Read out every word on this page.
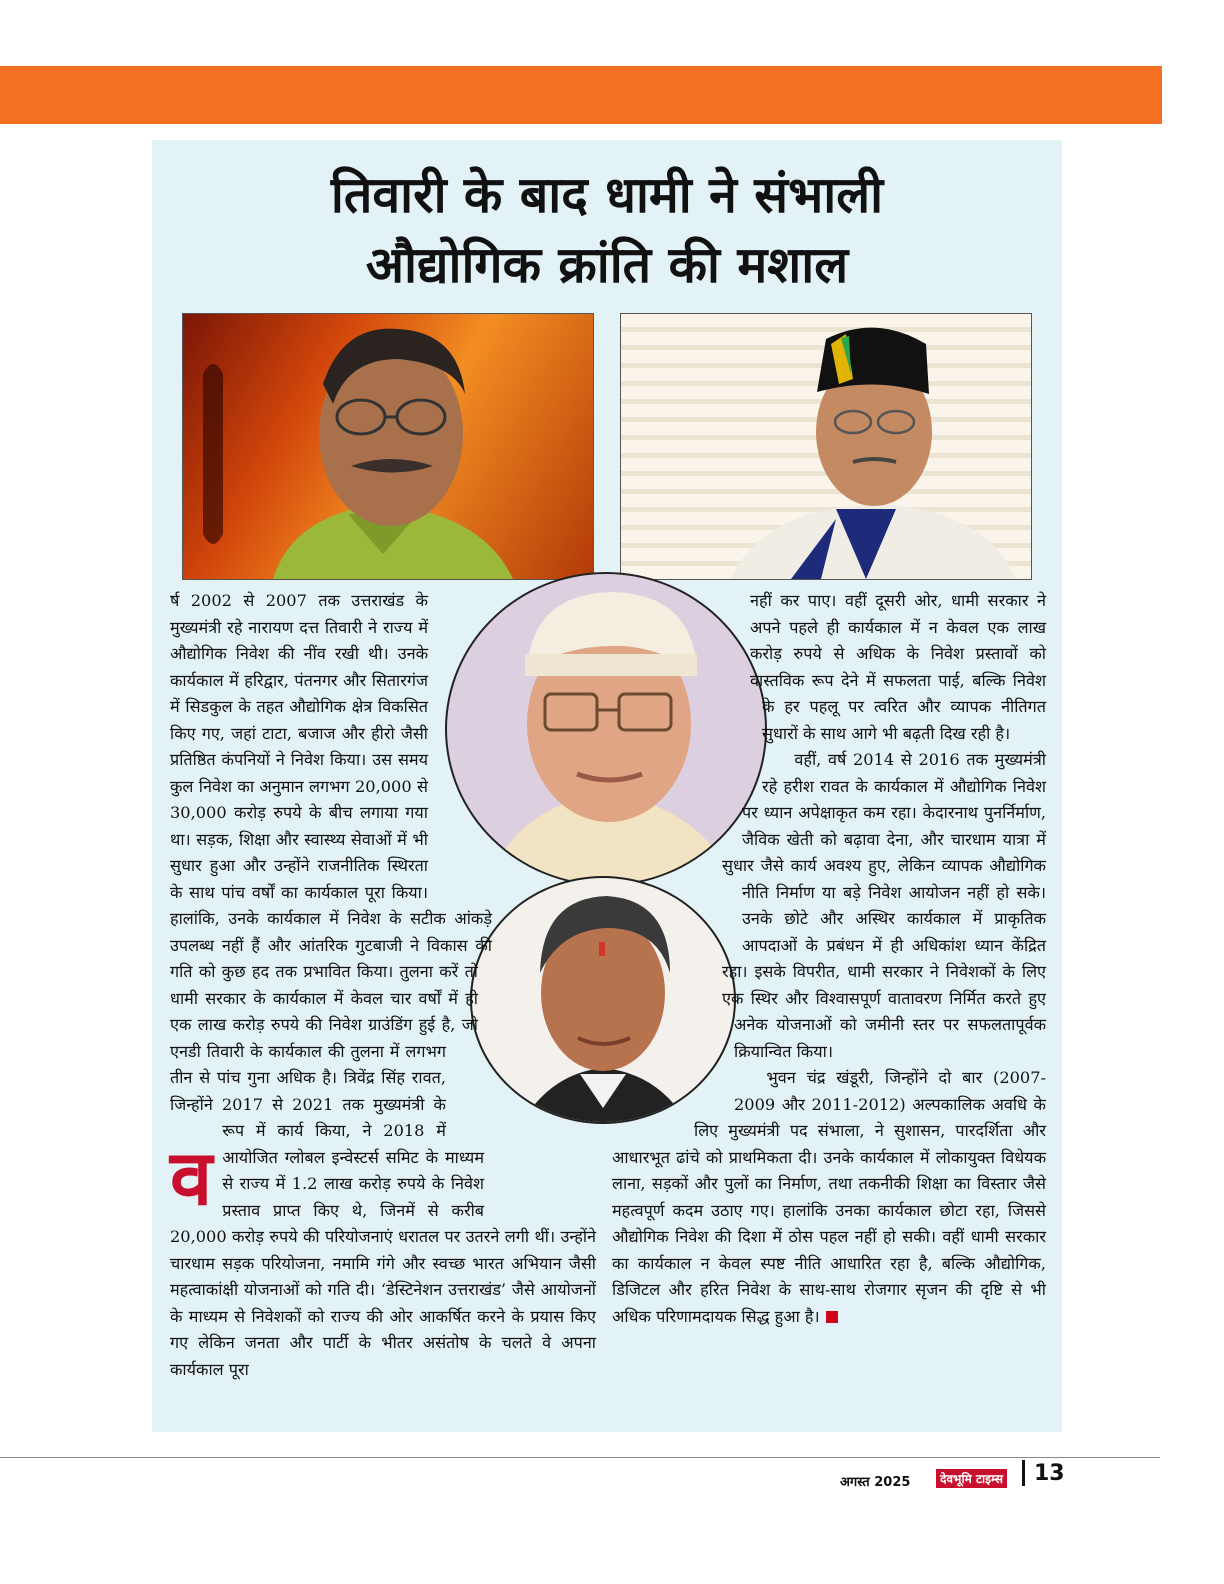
तिवारी के बाद धामी ने संभाली
औद्योगिक क्रांति की मशाल
व
र्ष 2002 से 2007 तक उत्तराखंड के मुख्यमंत्री रहे नारायण दत्त तिवारी ने राज्य में औद्योगिक निवेश की नींव रखी थी। उनके कार्यकाल में हरिद्वार, पंतनगर और सितारगंज में सिडकुल के तहत औद्योगिक क्षेत्र विकसित किए गए, जहां टाटा, बजाज और हीरो जैसी प्रतिष्ठित कंपनियों ने निवेश किया। उस समय कुल निवेश का अनुमान लगभग 20,000 से 30,000 करोड़ रुपये के बीच लगाया गया था। सड़क, शिक्षा और स्वास्थ्य सेवाओं में भी सुधार हुआ और उन्होंने राजनीतिक स्थिरता के साथ पांच वर्षों का कार्यकाल पूरा किया। हालांकि, उनके कार्यकाल में निवेश के सटीक आंकड़े उपलब्ध नहीं हैं और आंतरिक गुटबाजी ने विकास की गति को कुछ हद तक प्रभावित किया। तुलना करें तो धामी सरकार के कार्यकाल में केवल चार वर्षों में ही एक लाख करोड़ रुपये की निवेश ग्राउंडिंग हुई है, जो एनडी तिवारी के कार्यकाल की तुलना में लगभग तीन से पांच गुना अधिक है। त्रिवेंद्र सिंह रावत, जिन्होंने 2017 से 2021 तक मुख्यमंत्री के रूप में कार्य किया, ने 2018 में आयोजित ग्लोबल इन्वेस्टर्स समिट के माध्यम से राज्य में 1.2 लाख करोड़ रुपये के निवेश प्रस्ताव प्राप्त किए थे, जिनमें से करीब 20,000 करोड़ रुपये की परियोजनाएं धरातल पर उतरने लगी थीं। उन्होंने चारधाम सड़क परियोजना, नमामि गंगे और स्वच्छ भारत अभियान जैसी महत्वाकांक्षी योजनाओं को गति दी। ‘डेस्टिनेशन उत्तराखंड’ जैसे आयोजनों के माध्यम से निवेशकों को राज्य की ओर आकर्षित करने के प्रयास किए गए लेकिन जनता और पार्टी के भीतर असंतोष के चलते वे अपना कार्यकाल पूरा

नहीं कर पाए। वहीं दूसरी ओर, धामी सरकार ने अपने पहले ही कार्यकाल में न केवल एक लाख करोड़ रुपये से अधिक के निवेश प्रस्तावों को वास्तविक रूप देने में सफलता पाई, बल्कि निवेश के हर पहलू पर त्वरित और व्यापक नीतिगत सुधारों के साथ आगे भी बढ़ती दिख रही है।

वहीं, वर्ष 2014 से 2016 तक मुख्यमंत्री रहे हरीश रावत के कार्यकाल में औद्योगिक निवेश पर ध्यान अपेक्षाकृत कम रहा। केदारनाथ पुनर्निर्माण, जैविक खेती को बढ़ावा देना, और चारधाम यात्रा में सुधार जैसे कार्य अवश्य हुए, लेकिन व्यापक औद्योगिक नीति निर्माण या बड़े निवेश आयोजन नहीं हो सके। उनके छोटे और अस्थिर कार्यकाल में प्राकृतिक आपदाओं के प्रबंधन में ही अधिकांश ध्यान केंद्रित रहा। इसके विपरीत, धामी सरकार ने निवेशकों के लिए एक स्थिर और विश्वासपूर्ण वातावरण निर्मित करते हुए अनेक योजनाओं को जमीनी स्तर पर सफलतापूर्वक क्रियान्वित किया।

भुवन चंद्र खंडूरी, जिन्होंने दो बार (2007-2009 और 2011-2012) अल्पकालिक अवधि के लिए मुख्यमंत्री पद संभाला, ने सुशासन, पारदर्शिता और आधारभूत ढांचे को प्राथमिकता दी। उनके कार्यकाल में लोकायुक्त विधेयक लाना, सड़कों और पुलों का निर्माण, तथा तकनीकी शिक्षा का विस्तार जैसे महत्वपूर्ण कदम उठाए गए। हालांकि उनका कार्यकाल छोटा रहा, जिससे औद्योगिक निवेश की दिशा में ठोस पहल नहीं हो सकी। वहीं धामी सरकार का कार्यकाल न केवल स्पष्ट नीति आधारित रहा है, बल्कि औद्योगिक, डिजिटल और हरित निवेश के साथ-साथ रोजगार सृजन की दृष्टि से भी अधिक परिणामदायक सिद्ध हुआ है।

अगस्त 2025	देवभूमि टाइम्स 13
